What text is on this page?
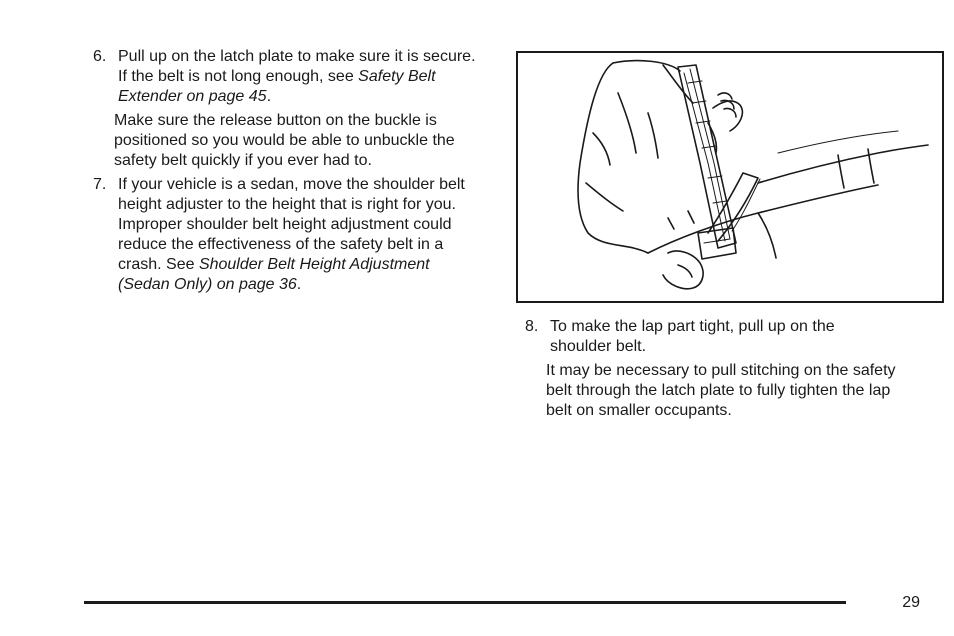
6. Pull up on the latch plate to make sure it is secure. If the belt is not long enough, see Safety Belt Extender on page 45.

Make sure the release button on the buckle is positioned so you would be able to unbuckle the safety belt quickly if you ever had to.

7. If your vehicle is a sedan, move the shoulder belt height adjuster to the height that is right for you. Improper shoulder belt height adjustment could reduce the effectiveness of the safety belt in a crash. See Shoulder Belt Height Adjustment (Sedan Only) on page 36.
8. To make the lap part tight, pull up on the shoulder belt.

It may be necessary to pull stitching on the safety belt through the latch plate to fully tighten the lap belt on smaller occupants.

29
